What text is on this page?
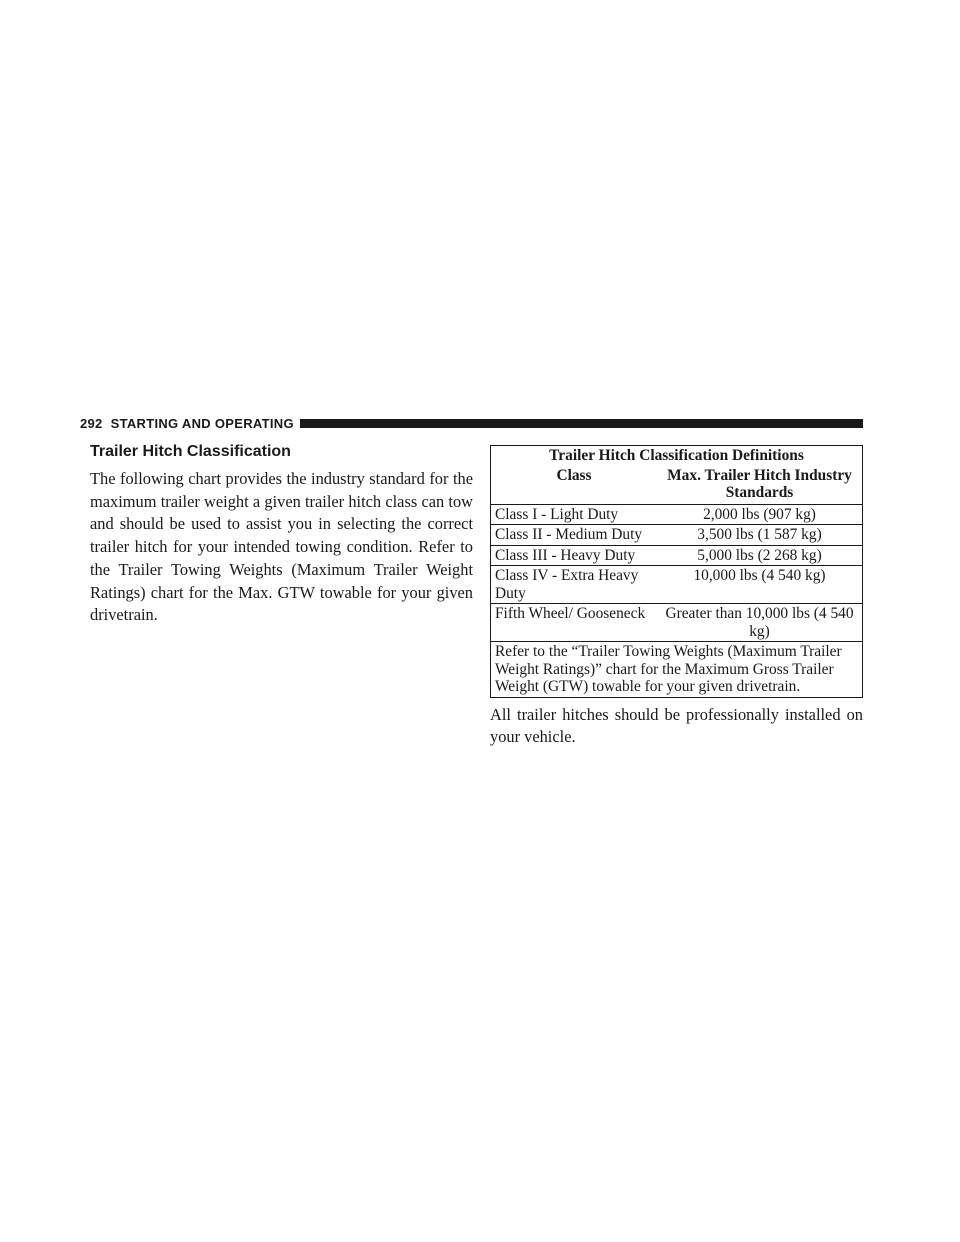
292 STARTING AND OPERATING
Trailer Hitch Classification

The following chart provides the industry standard for the maximum trailer weight a given trailer hitch class can tow and should be used to assist you in selecting the correct trailer hitch for your intended towing condition. Refer to the Trailer Towing Weights (Maximum Trailer Weight Ratings) chart for the Max. GTW towable for your given drivetrain.

Trailer Hitch Classification Definitions	
Class	Max. Trailer Hitch Industry Standards
Class I - Light Duty	2,000 lbs (907 kg)
Class II - Medium Duty	3,500 lbs (1 587 kg)
Class III - Heavy Duty	5,000 lbs (2 268 kg)
Class IV - Extra Heavy Duty	10,000 lbs (4 540 kg)
Fifth Wheel/ Gooseneck	Greater than 10,000 lbs (4 540 kg)
Refer to the “Trailer Towing Weights (Maximum Trailer Weight Ratings)” chart for the Maximum Gross Trailer Weight (GTW) towable for your given drivetrain.	

All trailer hitches should be professionally installed on your vehicle.
